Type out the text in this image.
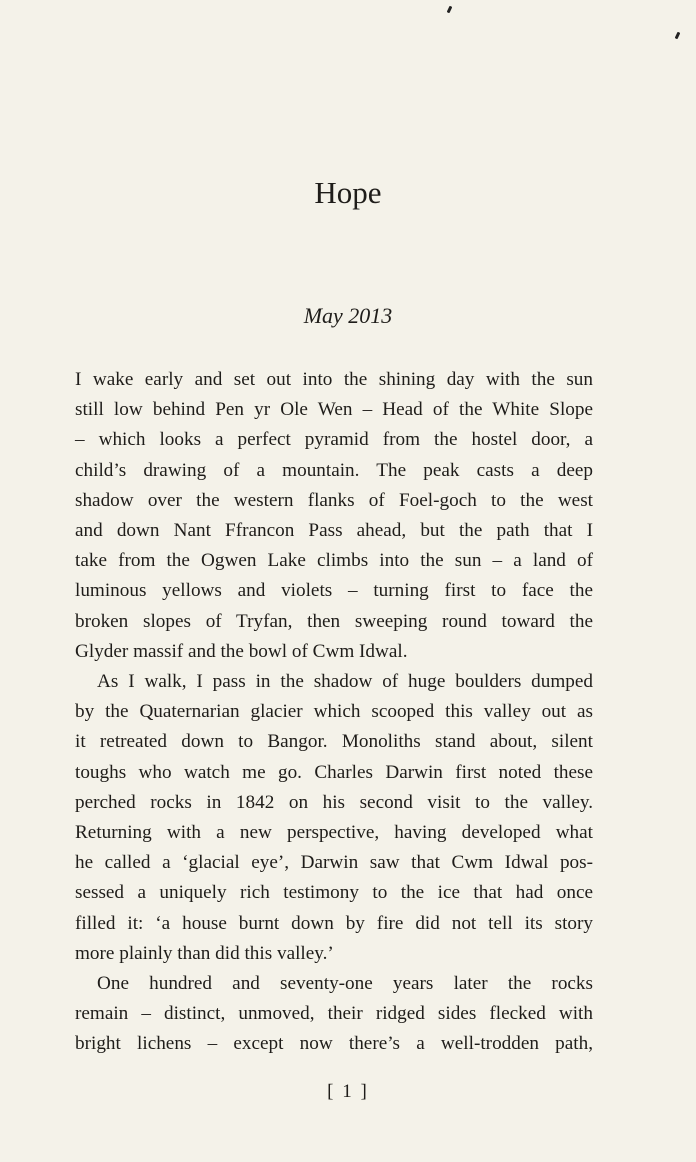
Hope
May 2013
I wake early and set out into the shining day with the sun
still low behind Pen yr Ole Wen – Head of the White Slope
– which looks a perfect pyramid from the hostel door, a
child’s drawing of a mountain. The peak casts a deep
shadow over the western flanks of Foel-goch to the west
and down Nant Ffrancon Pass ahead, but the path that I
take from the Ogwen Lake climbs into the sun – a land of
luminous yellows and violets – turning first to face the
broken slopes of Tryfan, then sweeping round toward the
Glyder massif and the bowl of Cwm Idwal.
As I walk, I pass in the shadow of huge boulders dumped
by the Quaternarian glacier which scooped this valley out as
it retreated down to Bangor. Monoliths stand about, silent
toughs who watch me go. Charles Darwin first noted these
perched rocks in 1842 on his second visit to the valley.
Returning with a new perspective, having developed what
he called a ‘glacial eye’, Darwin saw that Cwm Idwal pos-
sessed a uniquely rich testimony to the ice that had once
filled it: ‘a house burnt down by fire did not tell its story
more plainly than did this valley.’
One hundred and seventy-one years later the rocks
remain – distinct, unmoved, their ridged sides flecked with
bright lichens – except now there’s a well-trodden path,
[ 1 ]
